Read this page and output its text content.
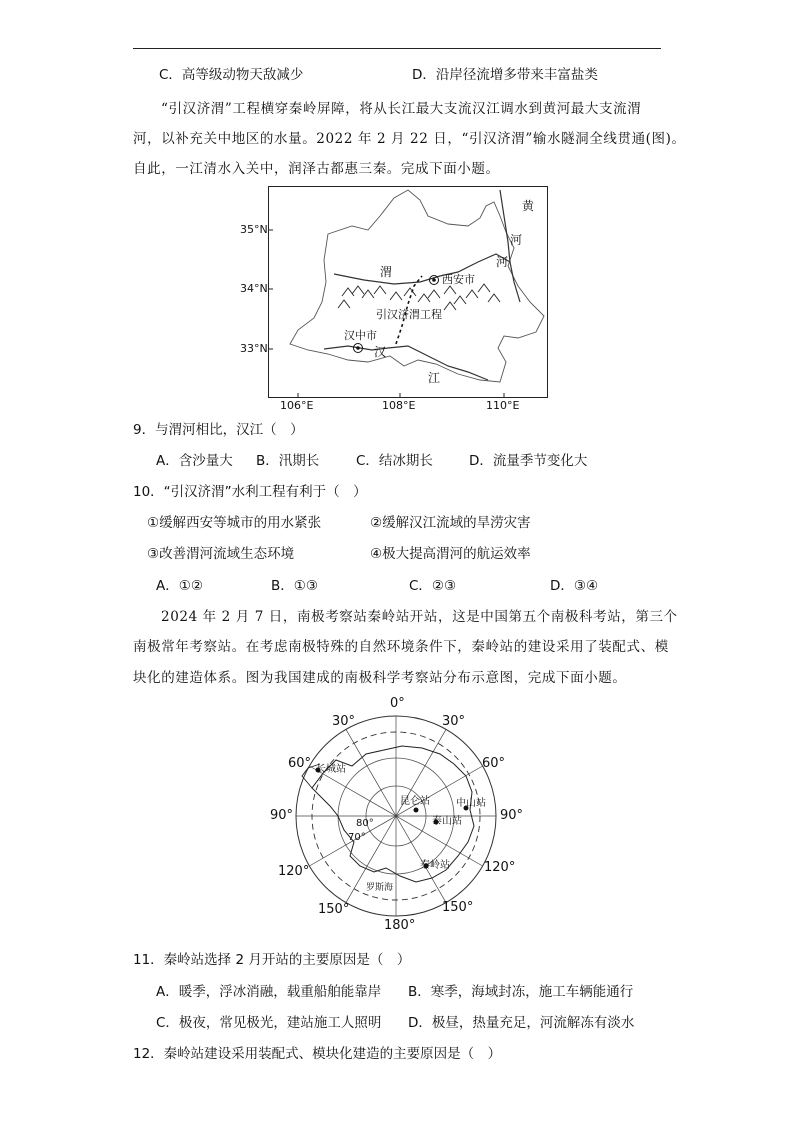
C．高等级动物天敌减少	D．沿岸径流增多带来丰富盐类
“引汉济渭”工程横穿秦岭屏障，将从长江最大支流汉江调水到黄河最大支流渭
河，以补充关中地区的水量。2022 年 2 月 22 日，“引汉济渭”输水隧洞全线贯通(图)。
自此，一江清水入关中，润泽古都惠三秦。完成下面小题。
35°N
34°N
33°N
106°E	108°E	110°E
渭
汉
江
黄
河
河
西安市
汉中市
引汉济渭工程
9．与渭河相比，汉江（　）
A．含沙量大 B．汛期长	C．结冰期长	D．流量季节变化大
10．“引汉济渭”水利工程有利于（　）
①缓解西安等城市的用水紧张	②缓解汉江流域的旱涝灾害
③改善渭河流域生态环境	④极大提高渭河的航运效率
A．①②	B．①③	C．②③	D．③④
2024 年 2 月 7 日，南极考察站秦岭站开站，这是中国第五个南极科考站，第三个
南极常年考察站。在考虑南极特殊的自然环境条件下，秦岭站的建设采用了装配式、模
块化的建造体系。图为我国建成的南极科学考察站分布示意图，完成下面小题。
0°
30°	30°
60°	60°
90°	90°
120°	120°
150°	150°
180°
70°
80°
长城站
昆仑站	中山站
泰山站
秦岭站
罗斯海
11．秦岭站选择 2 月开站的主要原因是（　）
A．暖季，浮冰消融，载重船舶能靠岸 B．寒季，海域封冻，施工车辆能通行
C．极夜，常见极光，建站施工人照明 D．极昼，热量充足，河流解冻有淡水
12．秦岭站建设采用装配式、模块化建造的主要原因是（　）
